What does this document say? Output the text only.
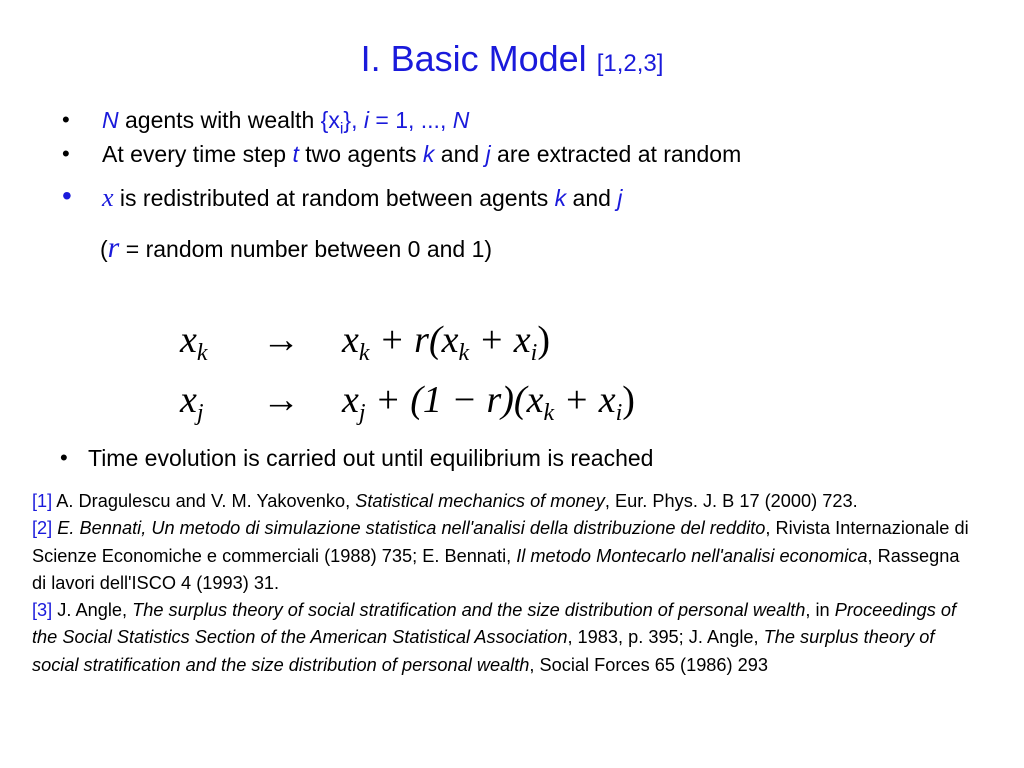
I. Basic Model [1,2,3]
• N agents with wealth $\{x_i\}$, i = 1, ..., N
• At every time step t two agents k and j are extracted at random
• x is redistributed at random between agents k and j
(r = random number between 0 and 1)
$x_k \to x_k + r(x_k + x_i)$
$x_j \to x_j + (1 - r)(x_k + x_i)$
• Time evolution is carried out until equilibrium is reached

[1] A. Dragulescu and V. M. Yakovenko, Statistical mechanics of money, Eur. Phys. J. B 17 (2000) 723.

[2] E. Bennati, Un metodo di simulazione statistica nell'analisi della distribuzione del reddito, Rivista Internazionale di Scienze Economiche e commerciali (1988) 735; E. Bennati, Il metodo Montecarlo nell'analisi economica, Rassegna di lavori dell'ISCO 4 (1993) 31.

[3] J. Angle, The surplus theory of social stratification and the size distribution of personal wealth, in Proceedings of the Social Statistics Section of the American Statistical Association, 1983, p. 395; J. Angle, The surplus theory of social stratification and the size distribution of personal wealth, Social Forces 65 (1986) 293
